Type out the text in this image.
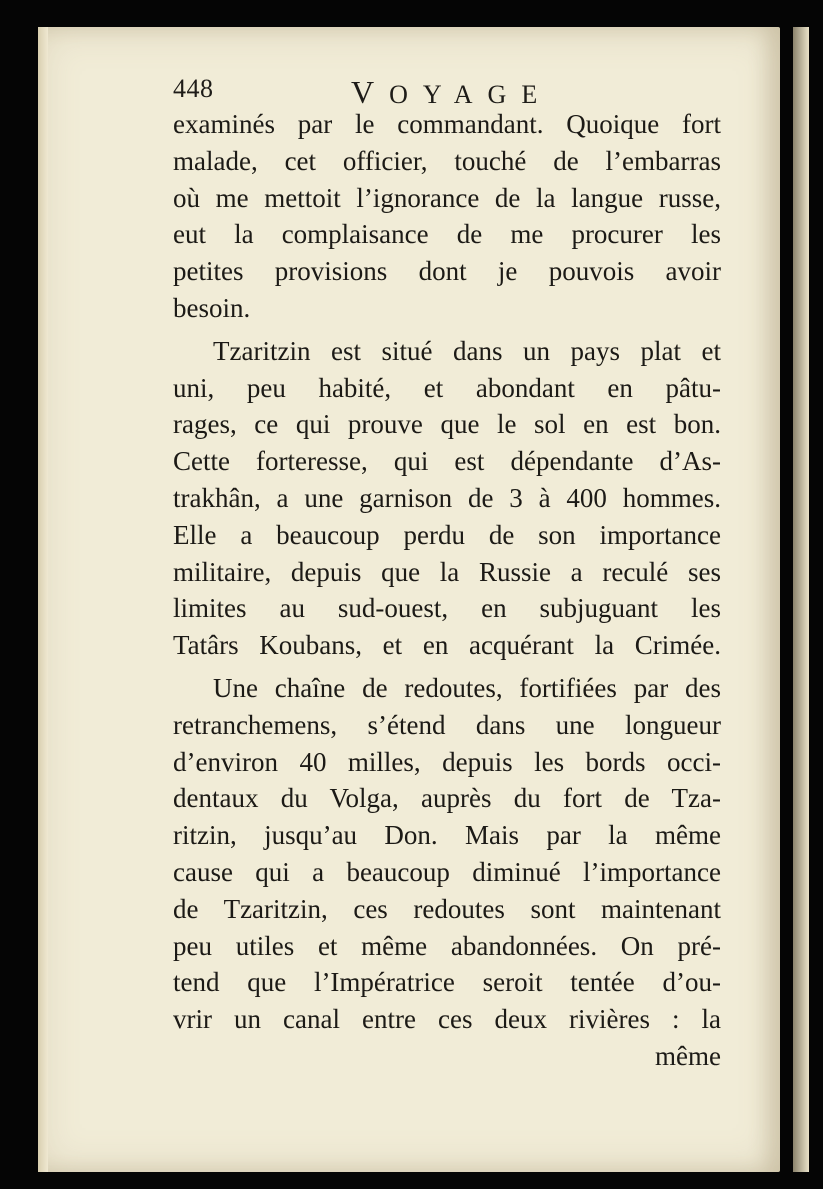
448	VOYAGE
examinés par le commandant. Quoique fort
malade, cet officier, touché de l’embarras
où me mettoit l’ignorance de la langue russe,
eut la complaisance de me procurer les
petites provisions dont je pouvois avoir
besoin.
Tzaritzin est situé dans un pays plat et
uni, peu habité, et abondant en pâtu-
rages, ce qui prouve que le sol en est bon.
Cette forteresse, qui est dépendante d’As-
trakhân, a une garnison de 3 à 400 hommes.
Elle a beaucoup perdu de son importance
militaire, depuis que la Russie a reculé ses
limites au sud-ouest, en subjuguant les
Tatârs Koubans, et en acquérant la Crimée.
Une chaîne de redoutes, fortifiées par des
retranchemens, s’étend dans une longueur
d’environ 40 milles, depuis les bords occi-
dentaux du Volga, auprès du fort de Tza-
ritzin, jusqu’au Don. Mais par la même
cause qui a beaucoup diminué l’importance
de Tzaritzin, ces redoutes sont maintenant
peu utiles et même abandonnées. On pré-
tend que l’Impératrice seroit tentée d’ou-
vrir un canal entre ces deux rivières : la
même
